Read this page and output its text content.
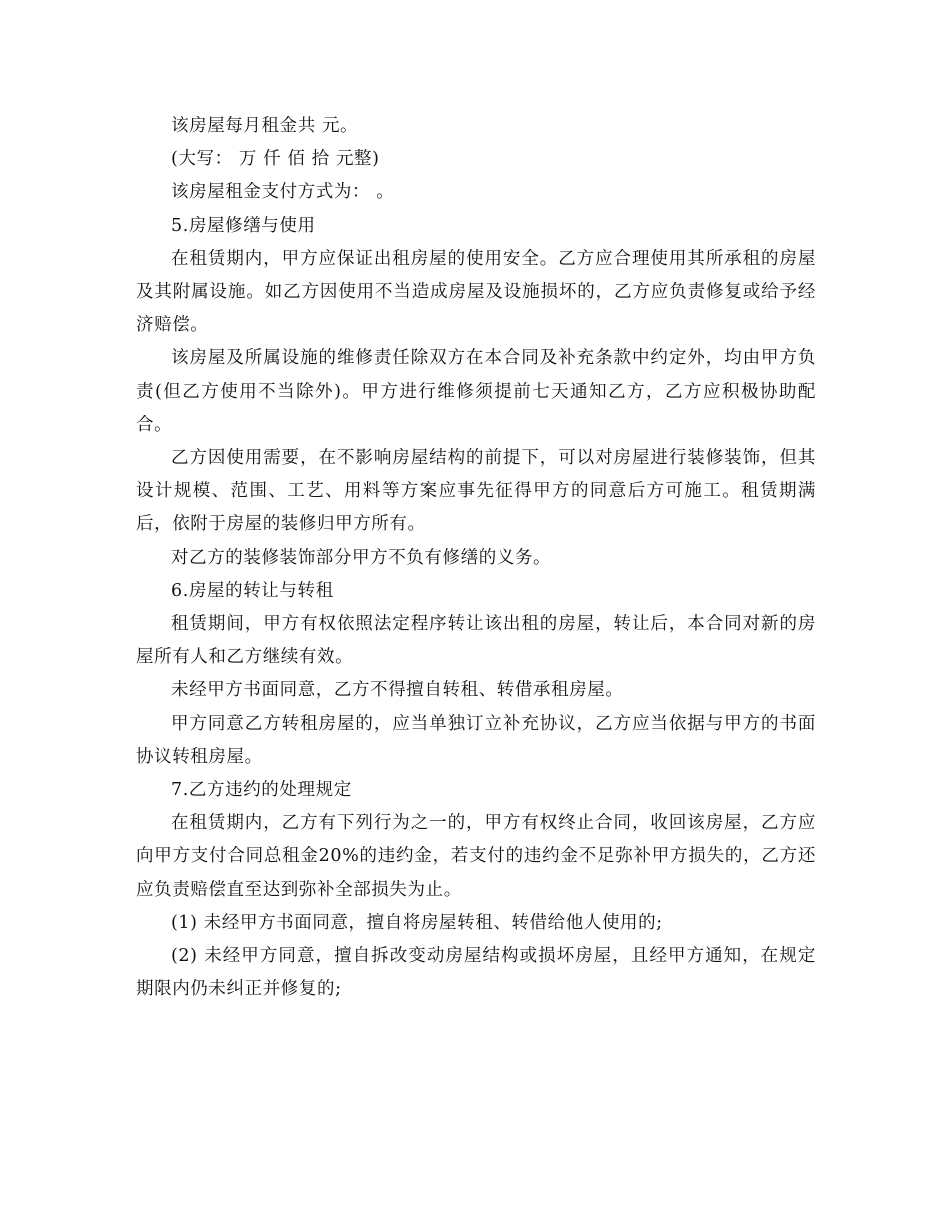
该房屋每月租金共 元。

(大写： 万 仟 佰 拾 元整)

该房屋租金支付方式为： 。

5.房屋修缮与使用

在租赁期内，甲方应保证出租房屋的使用安全。乙方应合理使用其所承租的房屋及其附属设施。如乙方因使用不当造成房屋及设施损坏的，乙方应负责修复或给予经济赔偿。

该房屋及所属设施的维修责任除双方在本合同及补充条款中约定外，均由甲方负责(但乙方使用不当除外)。甲方进行维修须提前七天通知乙方，乙方应积极协助配合。

乙方因使用需要，在不影响房屋结构的前提下，可以对房屋进行装修装饰，但其设计规模、范围、工艺、用料等方案应事先征得甲方的同意后方可施工。租赁期满后，依附于房屋的装修归甲方所有。

对乙方的装修装饰部分甲方不负有修缮的义务。

6.房屋的转让与转租

租赁期间，甲方有权依照法定程序转让该出租的房屋，转让后，本合同对新的房屋所有人和乙方继续有效。

未经甲方书面同意，乙方不得擅自转租、转借承租房屋。

甲方同意乙方转租房屋的，应当单独订立补充协议，乙方应当依据与甲方的书面协议转租房屋。

7.乙方违约的处理规定

在租赁期内，乙方有下列行为之一的，甲方有权终止合同，收回该房屋，乙方应向甲方支付合同总租金20%的违约金，若支付的违约金不足弥补甲方损失的，乙方还应负责赔偿直至达到弥补全部损失为止。

(1) 未经甲方书面同意，擅自将房屋转租、转借给他人使用的;

(2) 未经甲方同意，擅自拆改变动房屋结构或损坏房屋，且经甲方通知，在规定期限内仍未纠正并修复的;
